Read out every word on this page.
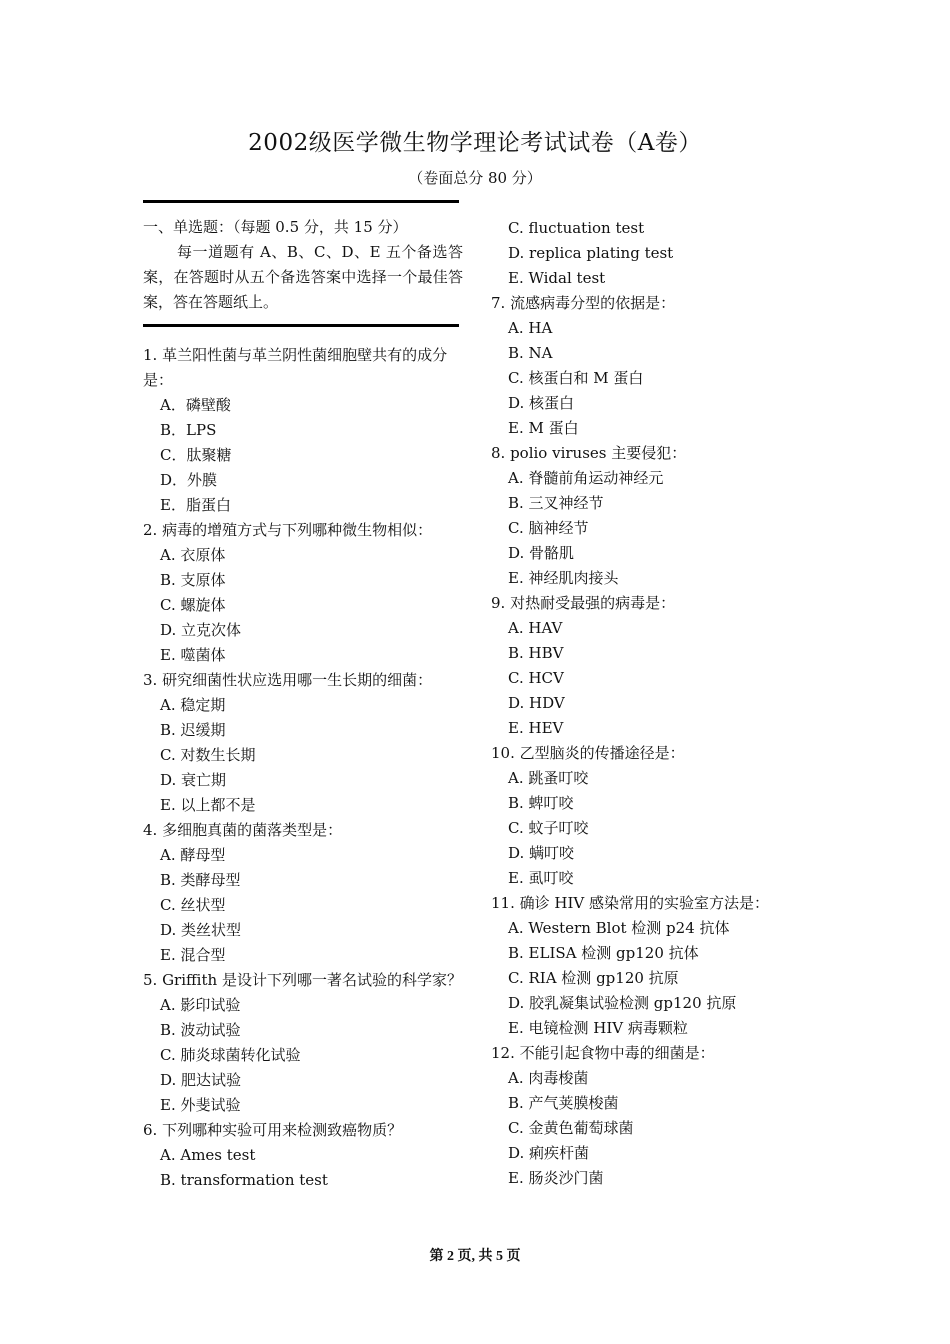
2002级医学微生物学理论考试试卷（A卷）
（卷面总分 80 分）
一、单选题：（每题 0.5 分，共 15 分）

每一道题有 A、B、C、D、E 五个备选答案，在答题时从五个备选答案中选择一个最佳答案，答在答题纸上。

1. 革兰阳性菌与革兰阴性菌细胞壁共有的成分是：
A．磷壁酸
B．LPS
C．肽聚糖
D．外膜
E．脂蛋白
2. 病毒的增殖方式与下列哪种微生物相似：
A. 衣原体
B. 支原体
C. 螺旋体
D. 立克次体
E. 噬菌体
3. 研究细菌性状应选用哪一生长期的细菌：
A. 稳定期
B. 迟缓期
C. 对数生长期
D. 衰亡期
E. 以上都不是
4. 多细胞真菌的菌落类型是：
A. 酵母型
B. 类酵母型
C. 丝状型
D. 类丝状型
E. 混合型
5. Griffith 是设计下列哪一著名试验的科学家？
A. 影印试验
B. 波动试验
C. 肺炎球菌转化试验
D. 肥达试验
E. 外斐试验
6. 下列哪种实验可用来检测致癌物质？
A. Ames test
B. transformation test
C. fluctuation test
D. replica plating test
E. Widal test
7. 流感病毒分型的依据是：
A. HA
B. NA
C. 核蛋白和 M 蛋白
D. 核蛋白
E. M 蛋白
8. polio viruses 主要侵犯：
A. 脊髓前角运动神经元
B. 三叉神经节
C. 脑神经节
D. 骨骼肌
E. 神经肌肉接头
9. 对热耐受最强的病毒是：
A. HAV
B. HBV
C. HCV
D. HDV
E. HEV
10. 乙型脑炎的传播途径是：
A. 跳蚤叮咬
B. 蜱叮咬
C. 蚊子叮咬
D. 螨叮咬
E. 虱叮咬
11. 确诊 HIV 感染常用的实验室方法是：
A. Western Blot 检测 p24 抗体
B. ELISA 检测 gp120 抗体
C. RIA 检测 gp120 抗原
D. 胶乳凝集试验检测 gp120 抗原
E. 电镜检测 HIV 病毒颗粒
12. 不能引起食物中毒的细菌是：
A. 肉毒梭菌
B. 产气荚膜梭菌
C. 金黄色葡萄球菌
D. 痢疾杆菌
E. 肠炎沙门菌
第 2 页, 共 5 页
